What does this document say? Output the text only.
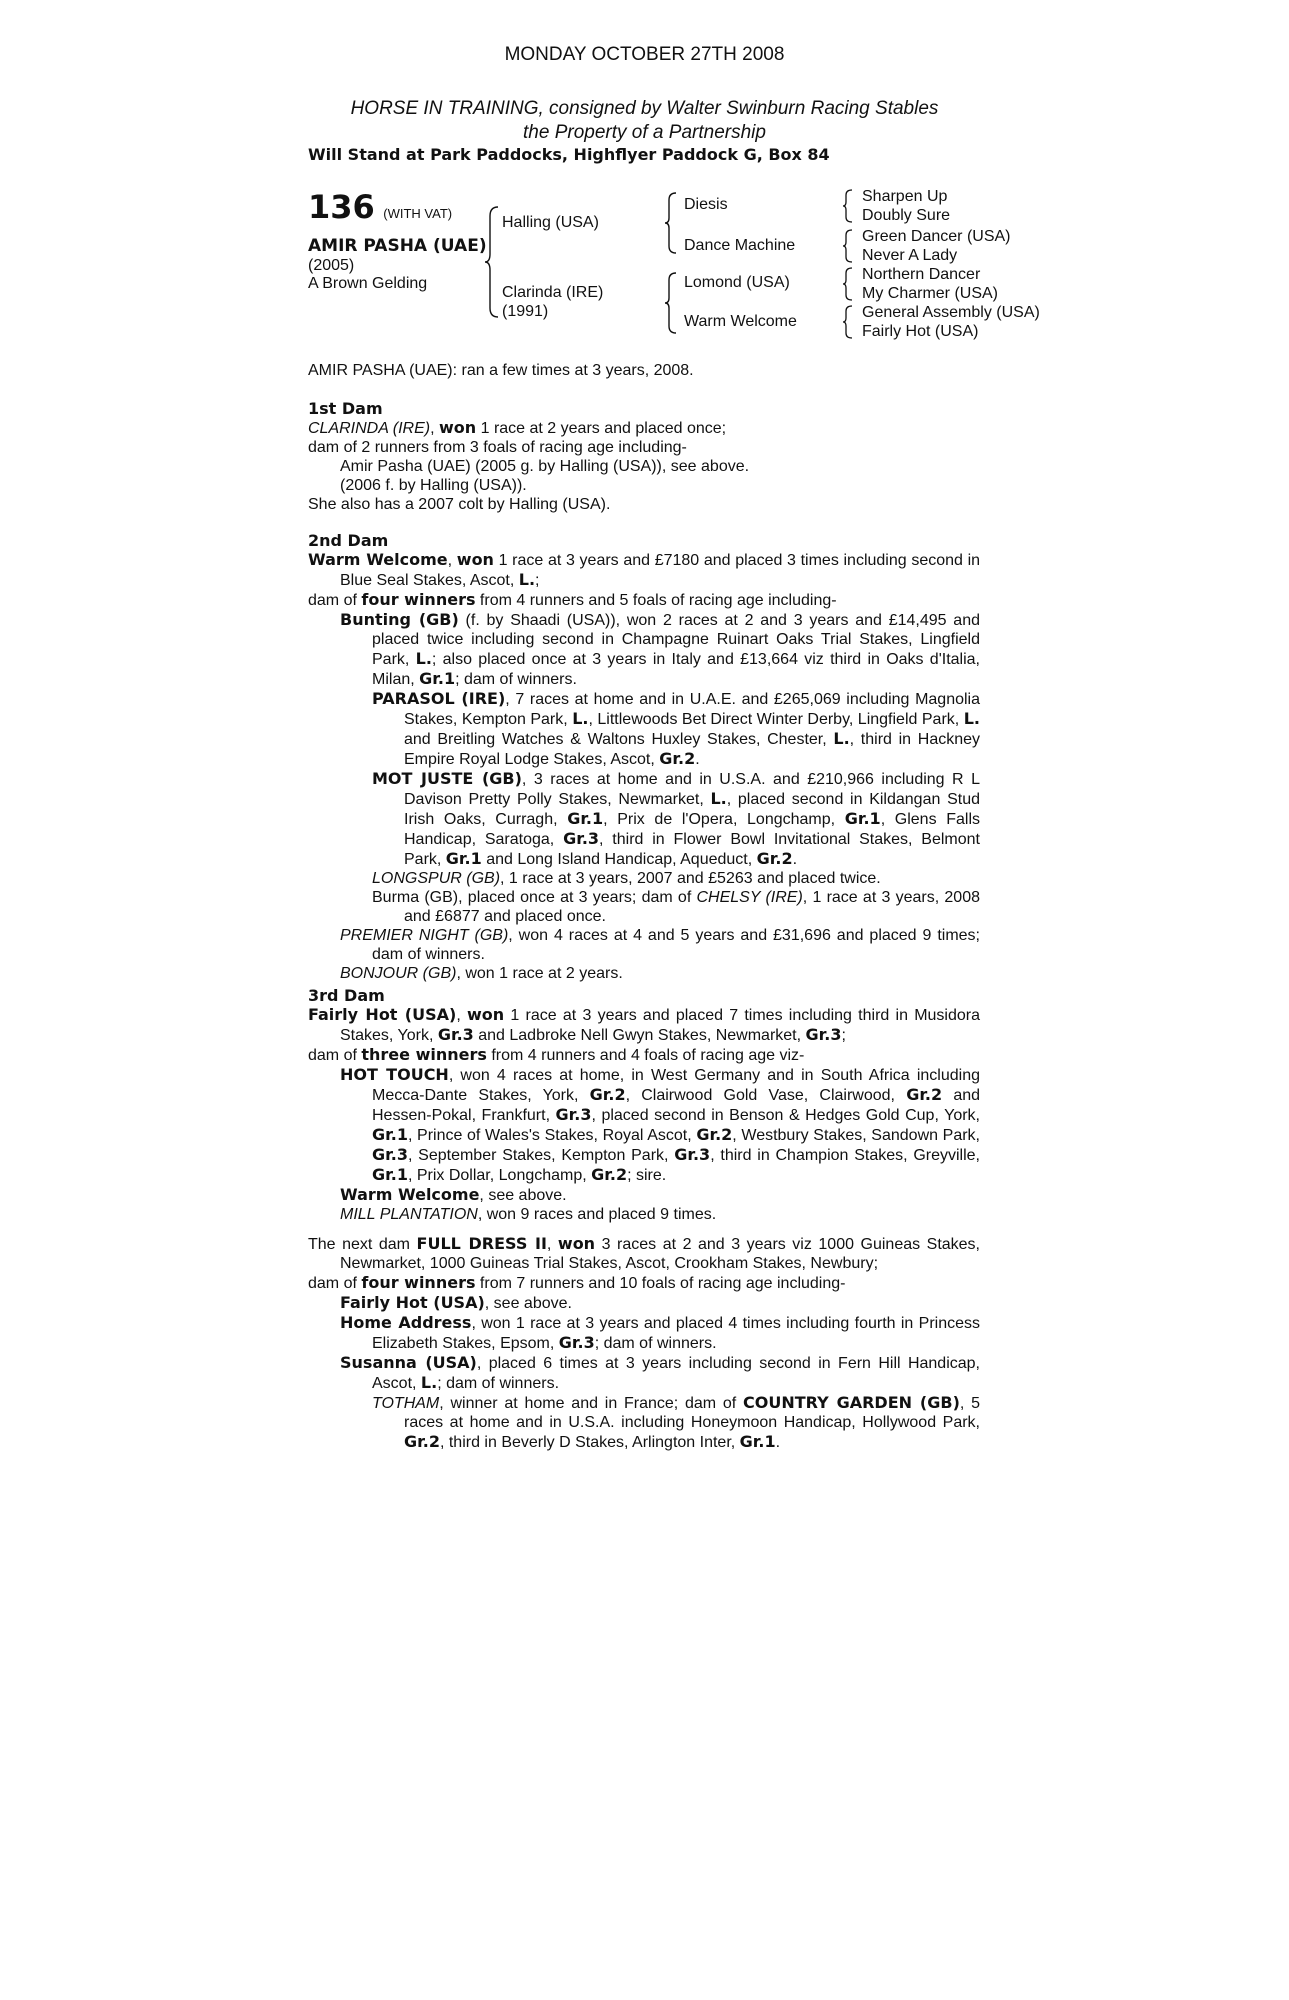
MONDAY OCTOBER 27TH 2008
HORSE IN TRAINING, consigned by Walter Swinburn Racing Stables
the Property of a Partnership
Will Stand at Park Paddocks, Highflyer Paddock G, Box 84
136 (WITH VAT)
AMIR PASHA (UAE)
(2005)
A Brown Gelding
Halling (USA)
Clarinda (IRE)
(1991)
Diesis
Dance Machine
Lomond (USA)
Warm Welcome
Sharpen Up
Doubly Sure
Green Dancer (USA)
Never A Lady
Northern Dancer
My Charmer (USA)
General Assembly (USA)
Fairly Hot (USA)
AMIR PASHA (UAE): ran a few times at 3 years, 2008.
1st Dam

CLARINDA (IRE), won 1 race at 2 years and placed once;

dam of 2 runners from 3 foals of racing age including-

Amir Pasha (UAE) (2005 g. by Halling (USA)), see above.

(2006 f. by Halling (USA)).

She also has a 2007 colt by Halling (USA).

2nd Dam

Warm Welcome, won 1 race at 3 years and £7180 and placed 3 times including second in Blue Seal Stakes, Ascot, L.;

dam of four winners from 4 runners and 5 foals of racing age including-

Bunting (GB) (f. by Shaadi (USA)), won 2 races at 2 and 3 years and £14,495 and placed twice including second in Champagne Ruinart Oaks Trial Stakes, Lingfield Park, L.; also placed once at 3 years in Italy and £13,664 viz third in Oaks d'Italia, Milan, Gr.1; dam of winners.

PARASOL (IRE), 7 races at home and in U.A.E. and £265,069 including Magnolia Stakes, Kempton Park, L., Littlewoods Bet Direct Winter Derby, Lingfield Park, L. and Breitling Watches & Waltons Huxley Stakes, Chester, L., third in Hackney Empire Royal Lodge Stakes, Ascot, Gr.2.

MOT JUSTE (GB), 3 races at home and in U.S.A. and £210,966 including R L Davison Pretty Polly Stakes, Newmarket, L., placed second in Kildangan Stud Irish Oaks, Curragh, Gr.1, Prix de l'Opera, Longchamp, Gr.1, Glens Falls Handicap, Saratoga, Gr.3, third in Flower Bowl Invitational Stakes, Belmont Park, Gr.1 and Long Island Handicap, Aqueduct, Gr.2.

LONGSPUR (GB), 1 race at 3 years, 2007 and £5263 and placed twice.

Burma (GB), placed once at 3 years; dam of CHELSY (IRE), 1 race at 3 years, 2008 and £6877 and placed once.

PREMIER NIGHT (GB), won 4 races at 4 and 5 years and £31,696 and placed 9 times; dam of winners.

BONJOUR (GB), won 1 race at 2 years.

3rd Dam

Fairly Hot (USA), won 1 race at 3 years and placed 7 times including third in Musidora Stakes, York, Gr.3 and Ladbroke Nell Gwyn Stakes, Newmarket, Gr.3;

dam of three winners from 4 runners and 4 foals of racing age viz-

HOT TOUCH, won 4 races at home, in West Germany and in South Africa including Mecca-Dante Stakes, York, Gr.2, Clairwood Gold Vase, Clairwood, Gr.2 and Hessen-Pokal, Frankfurt, Gr.3, placed second in Benson & Hedges Gold Cup, York, Gr.1, Prince of Wales's Stakes, Royal Ascot, Gr.2, Westbury Stakes, Sandown Park, Gr.3, September Stakes, Kempton Park, Gr.3, third in Champion Stakes, Greyville, Gr.1, Prix Dollar, Longchamp, Gr.2; sire.

Warm Welcome, see above.

MILL PLANTATION, won 9 races and placed 9 times.

The next dam FULL DRESS II, won 3 races at 2 and 3 years viz 1000 Guineas Stakes, Newmarket, 1000 Guineas Trial Stakes, Ascot, Crookham Stakes, Newbury;

dam of four winners from 7 runners and 10 foals of racing age including-

Fairly Hot (USA), see above.

Home Address, won 1 race at 3 years and placed 4 times including fourth in Princess Elizabeth Stakes, Epsom, Gr.3; dam of winners.

Susanna (USA), placed 6 times at 3 years including second in Fern Hill Handicap, Ascot, L.; dam of winners.

TOTHAM, winner at home and in France; dam of COUNTRY GARDEN (GB), 5 races at home and in U.S.A. including Honeymoon Handicap, Hollywood Park, Gr.2, third in Beverly D Stakes, Arlington Inter, Gr.1.
